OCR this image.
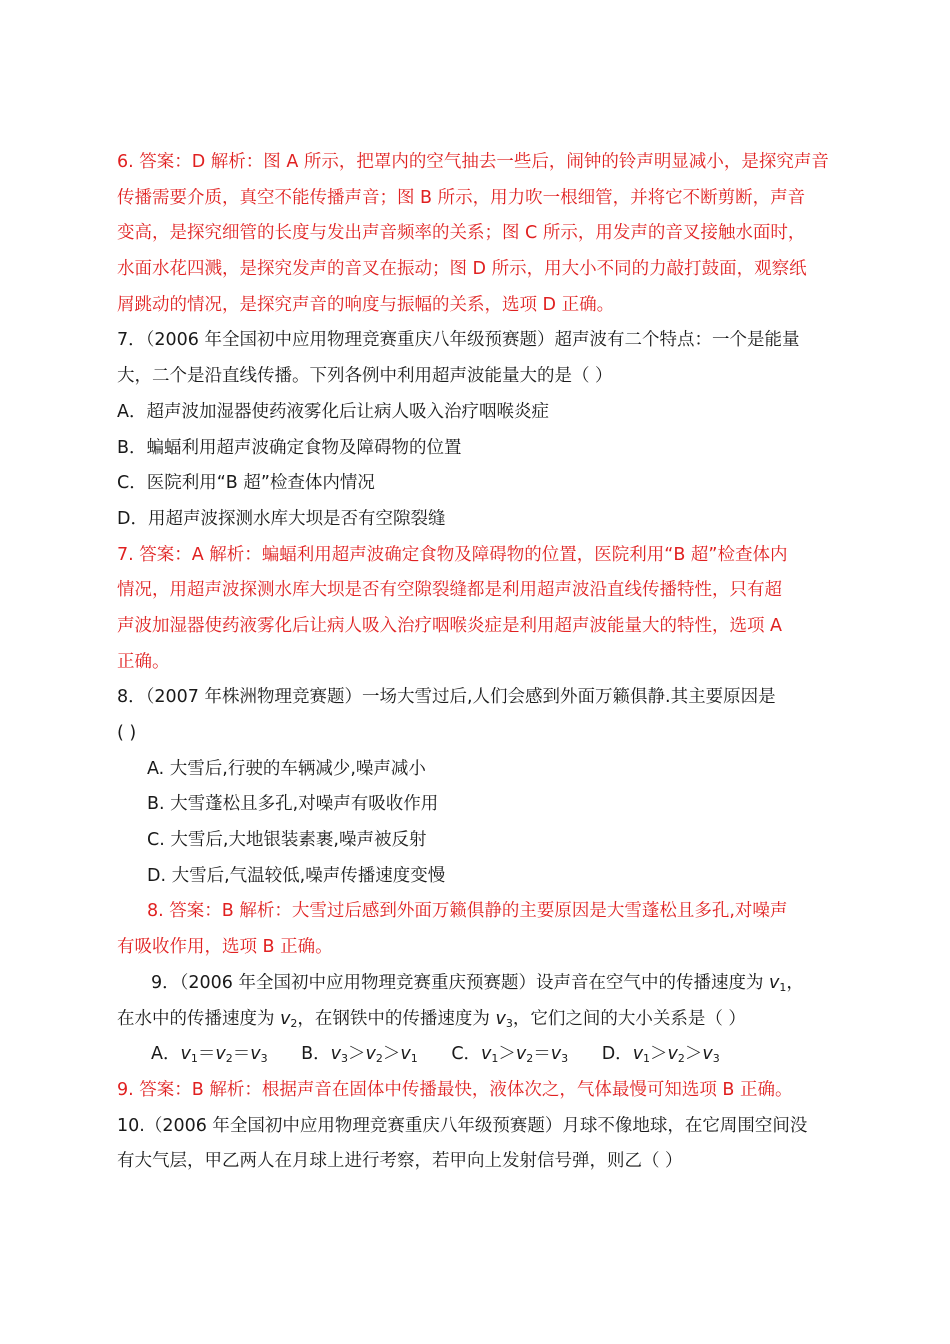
6. 答案：D 解析：图 A 所示，把罩内的空气抽去一些后，闹钟的铃声明显减小，是探究声音
传播需要介质，真空不能传播声音；图 B 所示，用力吹一根细管，并将它不断剪断，声音
变高，是探究细管的长度与发出声音频率的关系；图 C 所示，用发声的音叉接触水面时，
水面水花四溅，是探究发声的音叉在振动；图 D 所示，用大小不同的力敲打鼓面，观察纸
屑跳动的情况，是探究声音的响度与振幅的关系，选项 D 正确。
7．（2006 年全国初中应用物理竞赛重庆八年级预赛题）超声波有二个特点：一个是能量
大，二个是沿直线传播。下列各例中利用超声波能量大的是（ ）
A．超声波加湿器使药液雾化后让病人吸入治疗咽喉炎症
B．蝙蝠利用超声波确定食物及障碍物的位置
C．医院利用“B 超”检查体内情况
D．用超声波探测水库大坝是否有空隙裂缝
7. 答案：A 解析：蝙蝠利用超声波确定食物及障碍物的位置，医院利用“B 超”检查体内
情况，用超声波探测水库大坝是否有空隙裂缝都是利用超声波沿直线传播特性，只有超
声波加湿器使药液雾化后让病人吸入治疗咽喉炎症是利用超声波能量大的特性，选项 A
正确。
8．（2007 年株洲物理竞赛题）一场大雪过后,人们会感到外面万籁俱静.其主要原因是
( )
A. 大雪后,行驶的车辆减少,噪声减小
B. 大雪蓬松且多孔,对噪声有吸收作用
C. 大雪后,大地银装素裹,噪声被反射
D. 大雪后,气温较低,噪声传播速度变慢
8. 答案：B 解析：大雪过后感到外面万籁俱静的主要原因是大雪蓬松且多孔,对噪声
有吸收作用，选项 B 正确。
9．（2006 年全国初中应用物理竞赛重庆预赛题）设声音在空气中的传播速度为 $v_1$，
在水中的传播速度为 $v_2$，在钢铁中的传播速度为 $v_3$，它们之间的大小关系是（ ）
A．$v_1=v_2=v_3$ B．$v_3>v_2>v_1$ C．$v_1>v_2=v_3$ D．$v_1>v_2>v_3$
9. 答案：B 解析：根据声音在固体中传播最快，液体次之，气体最慢可知选项 B 正确。
10.（2006 年全国初中应用物理竞赛重庆八年级预赛题）月球不像地球，在它周围空间没
有大气层，甲乙两人在月球上进行考察，若甲向上发射信号弹，则乙（ ）
